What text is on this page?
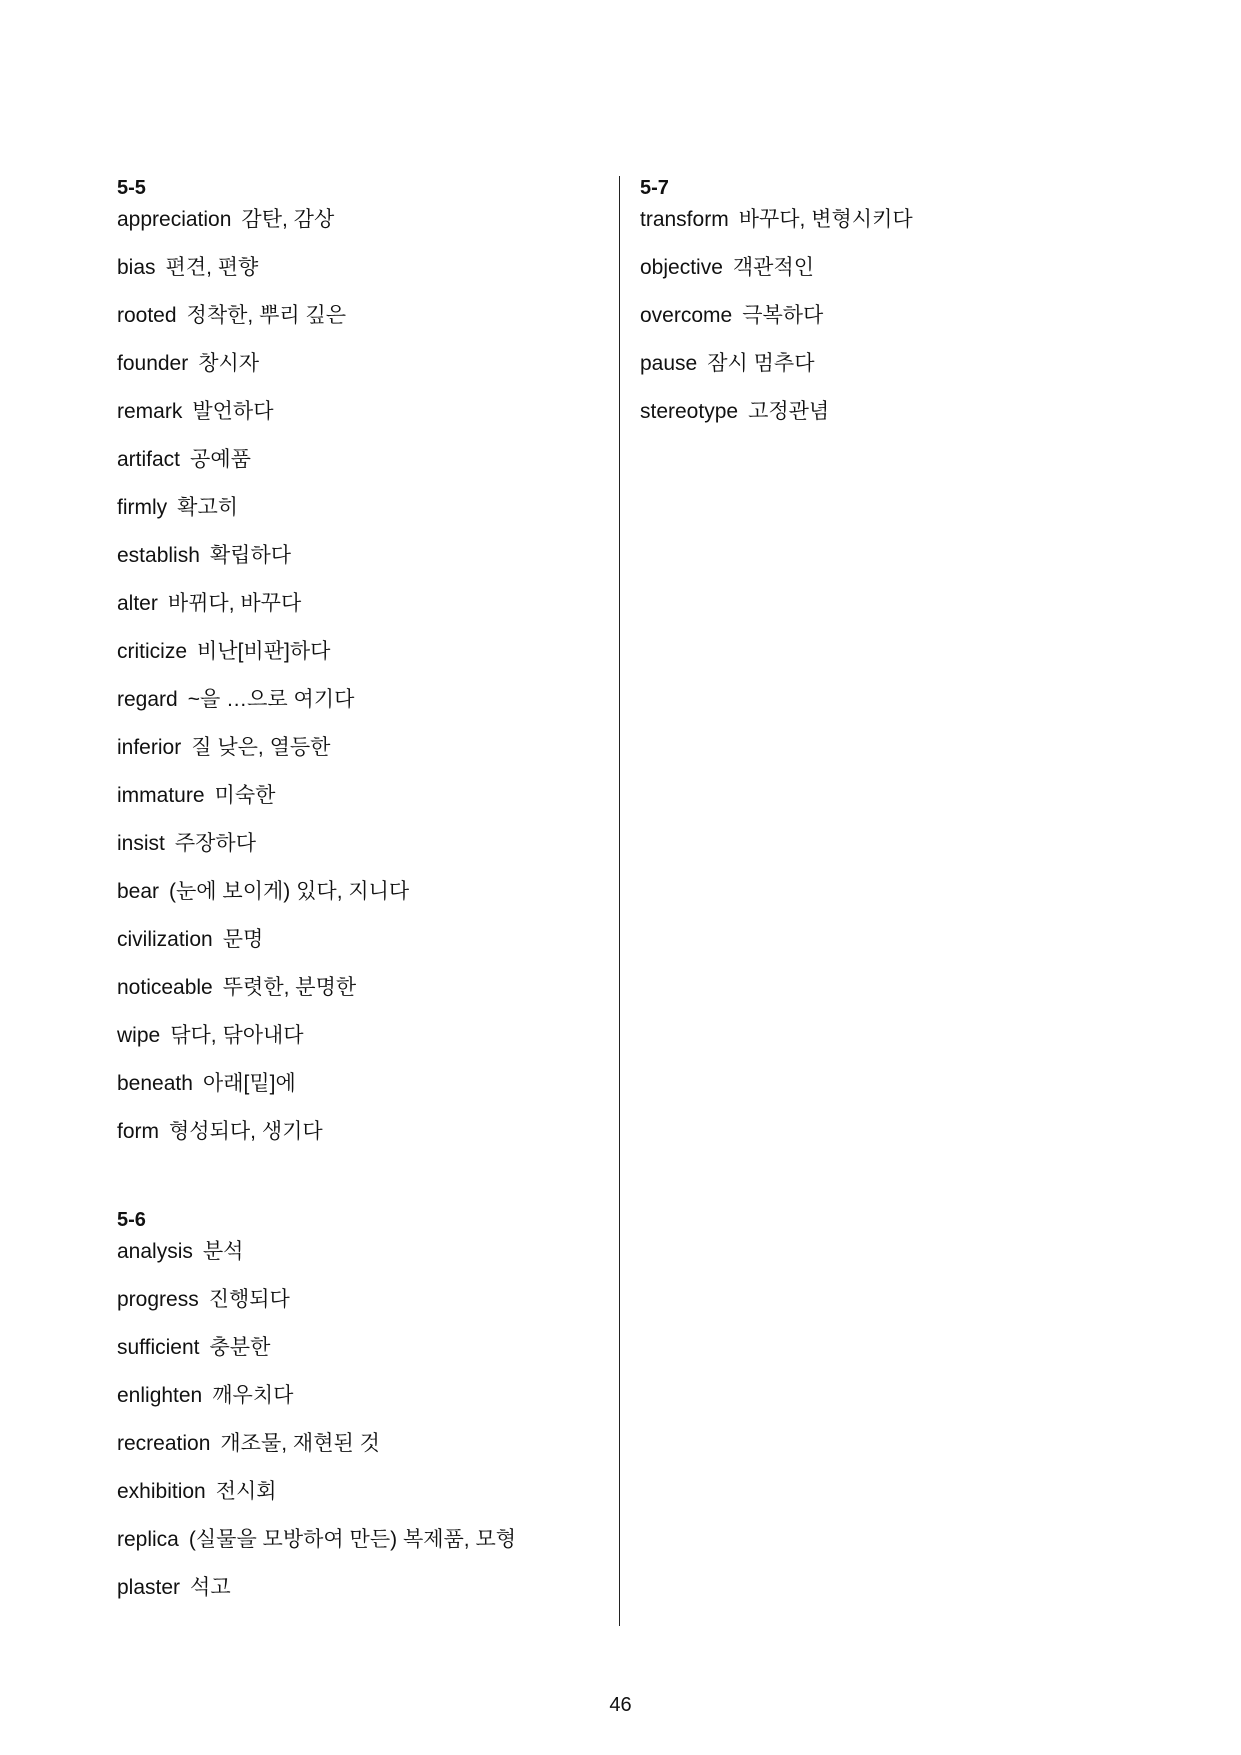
5-5
appreciation 감탄, 감상
bias 편견, 편향
rooted 정착한, 뿌리 깊은
founder 창시자
remark 발언하다
artifact 공예품
firmly 확고히
establish 확립하다
alter 바뀌다, 바꾸다
criticize 비난[비판]하다
regard ~을 …으로 여기다
inferior 질 낮은, 열등한
immature 미숙한
insist 주장하다
bear (눈에 보이게) 있다, 지니다
civilization 문명
noticeable 뚜렷한, 분명한
wipe 닦다, 닦아내다
beneath 아래[밑]에
form 형성되다, 생기다
5-6
analysis 분석
progress 진행되다
sufficient 충분한
enlighten 깨우치다
recreation 개조물, 재현된 것
exhibition 전시회
replica (실물을 모방하여 만든) 복제품, 모형
plaster 석고
5-7
transform 바꾸다, 변형시키다
objective 객관적인
overcome 극복하다
pause 잠시 멈추다
stereotype 고정관념
46
